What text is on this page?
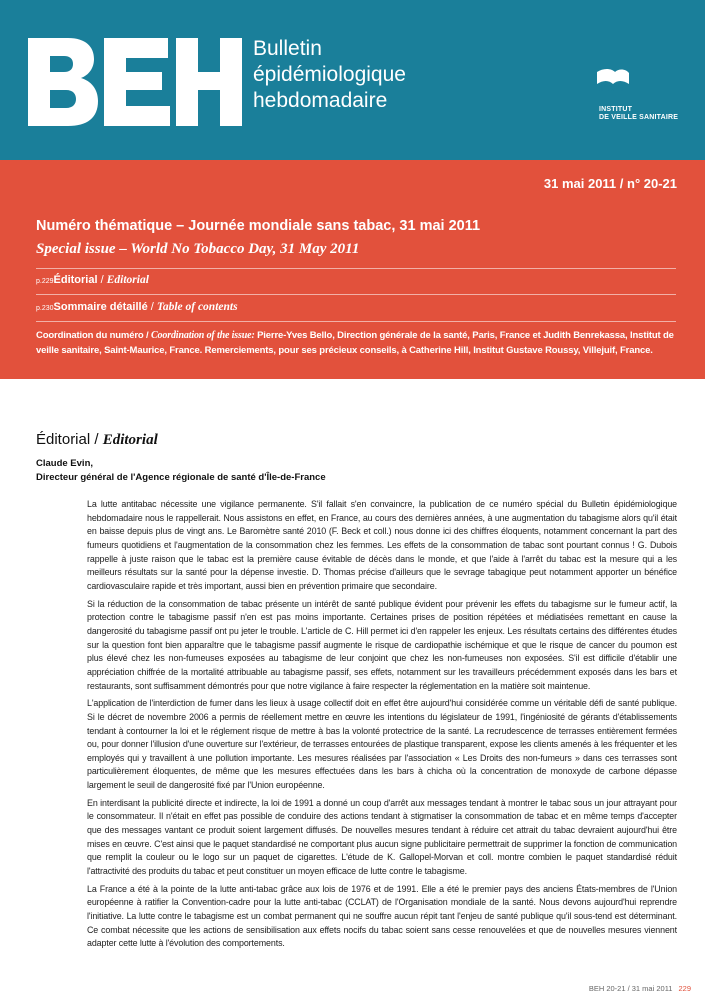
Bulletin
épidémiologique
hebdomadaire
InVS
INSTITUT
DE VEILLE SANITAIRE
31 mai 2011 / n° 20-21
Numéro thématique – Journée mondiale sans tabac, 31 mai 2011
Special issue – World No Tobacco Day, 31 May 2011
p.229Éditorial / Editorial
p.230Sommaire détaillé / Table of contents
Coordination du numéro / Coordination of the issue: Pierre-Yves Bello, Direction générale de la santé, Paris, France et Judith Benrekassa, Institut de veille sanitaire, Saint-Maurice, France. Remerciements, pour ses précieux conseils, à Catherine Hill, Institut Gustave Roussy, Villejuif, France.
Éditorial / Editorial
Claude Evin,
Directeur général de l'Agence régionale de santé d'Île-de-France

La lutte antitabac nécessite une vigilance permanente. S'il fallait s'en convaincre, la publication de ce numéro spécial du Bulletin épidémiologique hebdomadaire nous le rappellerait. Nous assistons en effet, en France, au cours des dernières années, à une augmentation du tabagisme alors qu'il était en baisse depuis plus de vingt ans. Le Baromètre santé 2010 (F. Beck et coll.) nous donne ici des chiffres éloquents, notamment concernant la part des fumeurs quotidiens et l'augmentation de la consommation chez les femmes. Les effets de la consommation de tabac sont pourtant connus ! G. Dubois rappelle à juste raison que le tabac est la première cause évitable de décès dans le monde, et que l'aide à l'arrêt du tabac est la mesure qui a les meilleurs résultats sur la santé pour la dépense investie. D. Thomas précise d'ailleurs que le sevrage tabagique peut notamment apporter un bénéfice cardiovasculaire rapide et très important, aussi bien en prévention primaire que secondaire.

Si la réduction de la consommation de tabac présente un intérêt de santé publique évident pour prévenir les effets du tabagisme sur le fumeur actif, la protection contre le tabagisme passif n'en est pas moins importante. Certaines prises de position répétées et médiatisées remettant en cause la dangerosité du tabagisme passif ont pu jeter le trouble. L'article de C. Hill permet ici d'en rappeler les enjeux. Les résultats certains des différentes études sur la question font bien apparaître que le tabagisme passif augmente le risque de cardiopathie ischémique et que le risque de cancer du poumon est plus élevé chez les non-fumeuses exposées au tabagisme de leur conjoint que chez les non-fumeuses non exposées. S'il est difficile d'établir une appréciation chiffrée de la mortalité attribuable au tabagisme passif, ses effets, notamment sur les travailleurs précédemment exposés dans les bars et restaurants, sont suffisamment démontrés pour que notre vigilance à faire respecter la réglementation en la matière soit maintenue.

L'application de l'interdiction de fumer dans les lieux à usage collectif doit en effet être aujourd'hui considérée comme un véritable défi de santé publique. Si le décret de novembre 2006 a permis de réellement mettre en œuvre les intentions du législateur de 1991, l'ingéniosité de gérants d'établissements tendant à contourner la loi et le réglement risque de mettre à bas la volonté protectrice de la santé. La recrudescence de terrasses entièrement fermées ou, pour donner l'illusion d'une ouverture sur l'extérieur, de terrasses entourées de plastique transparent, expose les clients amenés à les fréquenter et les employés qui y travaillent à une pollution importante. Les mesures réalisées par l'association « Les Droits des non-fumeurs » dans ces terrasses sont particulièrement éloquentes, de même que les mesures effectuées dans les bars à chicha où la concentration de monoxyde de carbone dépasse largement le seuil de dangerosité fixé par l'Union européenne.

En interdisant la publicité directe et indirecte, la loi de 1991 a donné un coup d'arrêt aux messages tendant à montrer le tabac sous un jour attrayant pour le consommateur. Il n'était en effet pas possible de conduire des actions tendant à stigmatiser la consommation de tabac et en même temps d'accepter que des messages vantant ce produit soient largement diffusés. De nouvelles mesures tendant à réduire cet attrait du tabac devraient aujourd'hui être mises en œuvre. C'est ainsi que le paquet standardisé ne comportant plus aucun signe publicitaire permettrait de supprimer la fonction de communication que remplit la couleur ou le logo sur un paquet de cigarettes. L'étude de K. Gallopel-Morvan et coll. montre combien le paquet standardisé réduit l'attractivité des produits du tabac et peut constituer un moyen efficace de lutte contre le tabagisme.

La France a été à la pointe de la lutte anti-tabac grâce aux lois de 1976 et de 1991. Elle a été le premier pays des anciens États-membres de l'Union européenne à ratifier la Convention-cadre pour la lutte anti-tabac (CCLAT) de l'Organisation mondiale de la santé. Nous devons aujourd'hui reprendre l'initiative. La lutte contre le tabagisme est un combat permanent qui ne souffre aucun répit tant l'enjeu de santé publique qu'il sous-tend est déterminant. Ce combat nécessite que les actions de sensibilisation aux effets nocifs du tabac soient sans cesse renouvelées et que de nouvelles mesures viennent adapter cette lutte à l'évolution des comportements.

BEH 20-21 / 31 mai 2011 229
